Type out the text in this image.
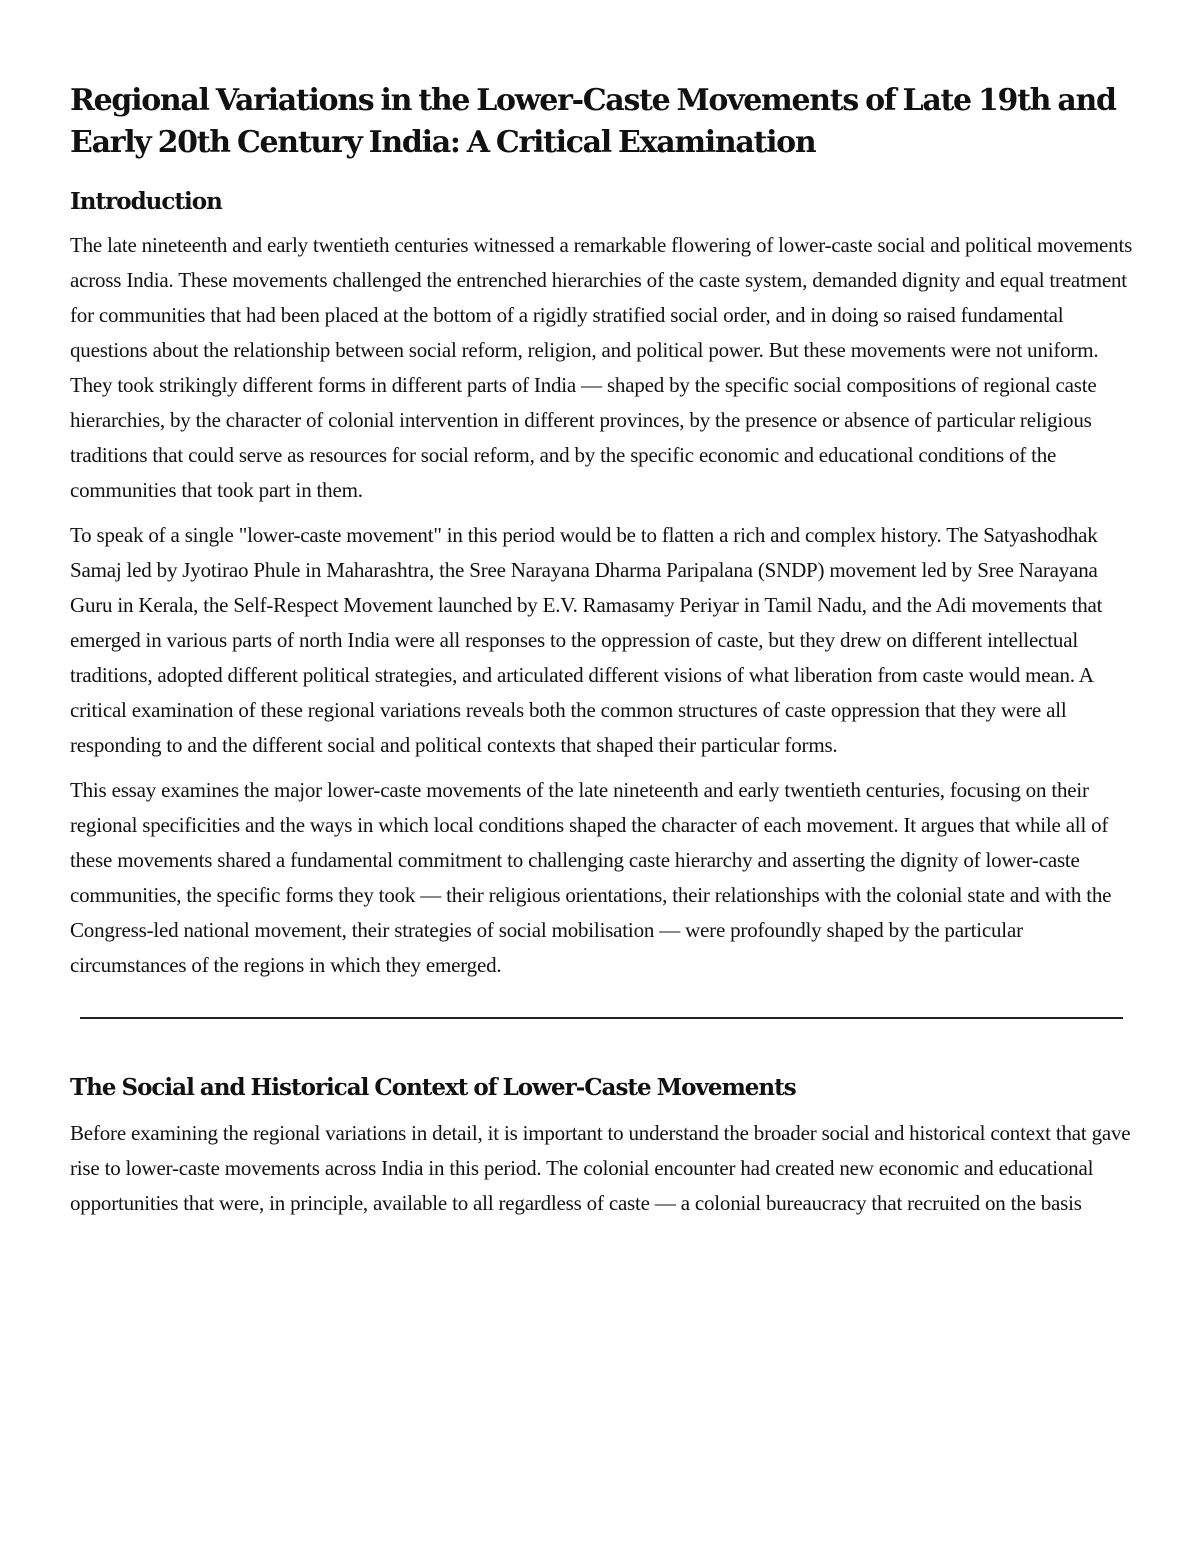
Regional Variations in the Lower-Caste Movements of Late 19th and Early 20th Century India: A Critical Examination
Introduction

The late nineteenth and early twentieth centuries witnessed a remarkable flowering of lower-caste social and political movements across India. These movements challenged the entrenched hierarchies of the caste system, demanded dignity and equal treatment for communities that had been placed at the bottom of a rigidly stratified social order, and in doing so raised fundamental questions about the relationship between social reform, religion, and political power. But these movements were not uniform. They took strikingly different forms in different parts of India — shaped by the specific social compositions of regional caste hierarchies, by the character of colonial intervention in different provinces, by the presence or absence of particular religious traditions that could serve as resources for social reform, and by the specific economic and educational conditions of the communities that took part in them.

To speak of a single "lower-caste movement" in this period would be to flatten a rich and complex history. The Satyashodhak Samaj led by Jyotirao Phule in Maharashtra, the Sree Narayana Dharma Paripalana (SNDP) movement led by Sree Narayana Guru in Kerala, the Self-Respect Movement launched by E.V. Ramasamy Periyar in Tamil Nadu, and the Adi movements that emerged in various parts of north India were all responses to the oppression of caste, but they drew on different intellectual traditions, adopted different political strategies, and articulated different visions of what liberation from caste would mean. A critical examination of these regional variations reveals both the common structures of caste oppression that they were all responding to and the different social and political contexts that shaped their particular forms.

This essay examines the major lower-caste movements of the late nineteenth and early twentieth centuries, focusing on their regional specificities and the ways in which local conditions shaped the character of each movement. It argues that while all of these movements shared a fundamental commitment to challenging caste hierarchy and asserting the dignity of lower-caste communities, the specific forms they took — their religious orientations, their relationships with the colonial state and with the Congress-led national movement, their strategies of social mobilisation — were profoundly shaped by the particular circumstances of the regions in which they emerged.

The Social and Historical Context of Lower-Caste Movements

Before examining the regional variations in detail, it is important to understand the broader social and historical context that gave rise to lower-caste movements across India in this period. The colonial encounter had created new economic and educational opportunities that were, in principle, available to all regardless of caste — a colonial bureaucracy that recruited on the basis
